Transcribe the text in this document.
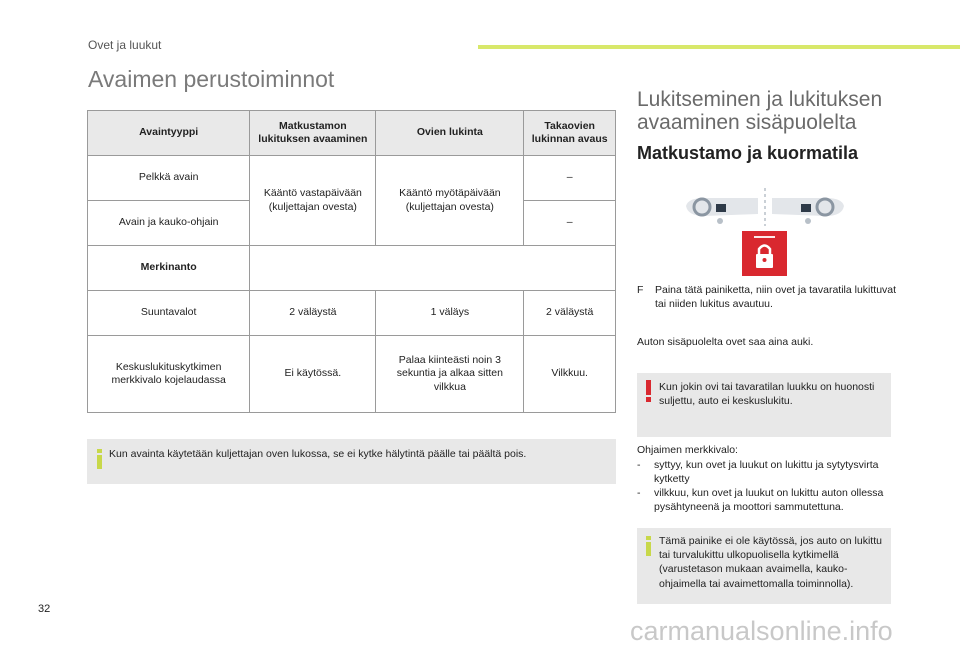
Ovet ja luukut
Avaimen perustoiminnot
Avaintyyppi	Matkustamon lukituksen avaaminen	Ovien lukinta	Takaovien lukinnan avaus
Pelkkä avain	Kääntö vastapäivään (kuljettajan ovesta)	Kääntö myötäpäivään (kuljettajan ovesta)	–
Avain ja kauko-ohjain			–
Merkinanto			
Suuntavalot	2 väläystä	1 väläys	2 väläystä
Keskuslukituskytkimen merkkivalo kojelaudassa	Ei käytössä.	Palaa kiinteästi noin 3 sekuntia ja alkaa sitten vilkkua	Vilkkuu.
Kun avainta käytetään kuljettajan oven lukossa, se ei kytke hälytintä päälle tai päältä pois.
Lukitseminen ja lukituksen avaaminen sisäpuolelta
Matkustamo ja kuormatila
F	Paina tätä painiketta, niin ovet ja tavaratila lukittuvat tai niiden lukitus avautuu.
Auton sisäpuolelta ovet saa aina auki.
Kun jokin ovi tai tavaratilan luukku on huonosti suljettu, auto ei keskuslukitu.
Ohjaimen merkkivalo:
-	syttyy, kun ovet ja luukut on lukittu ja sytytysvirta kytketty
-	vilkkuu, kun ovet ja luukut on lukittu auton ollessa pysähtyneenä ja moottori sammutettuna.
Tämä painike ei ole käytössä, jos auto on lukittu tai turvalukittu ulkopuolisella kytkimellä (varustetason mukaan avaimella, kauko-ohjaimella tai avaimettomalla toiminnolla).
32
carmanualsonline.info
